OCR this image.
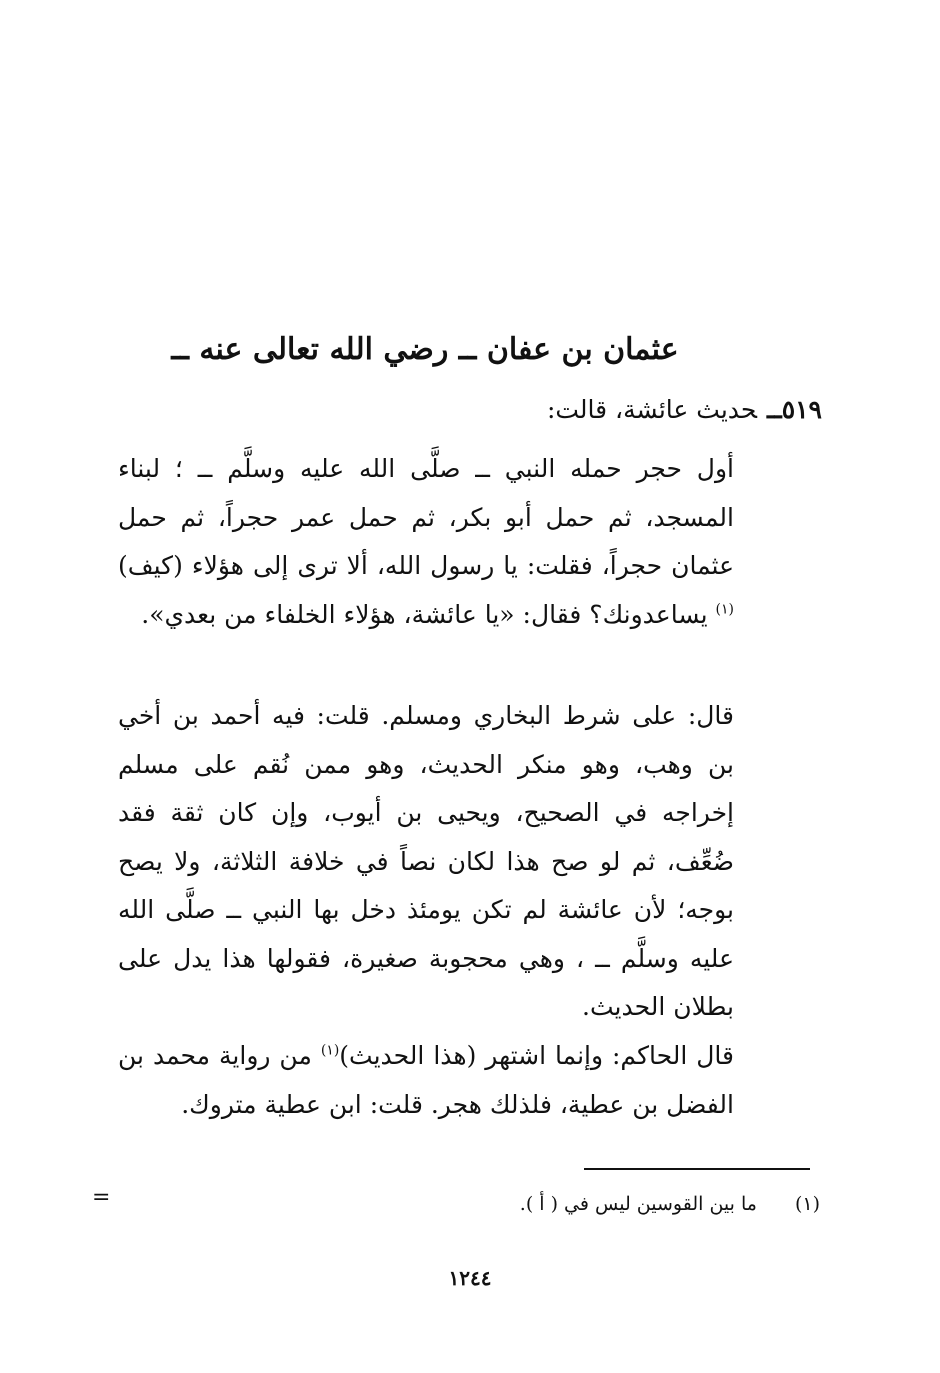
عثمان بن عفان ــ رضي الله تعالى عنه ــ
٥١٩ــحديث عائشة، قالت:
أول حجر حمله النبي ــ صلَّى الله عليه وسلَّم ــ ؛ لبناء المسجد، ثم حمل أبو بكر، ثم حمل عمر حجراً، ثم حمل عثمان حجراً، فقلت: يا رسول الله، ألا ترى إلى هؤلاء (كيف)$^{(١)}$ يساعدونك؟ فقال: «يا عائشة، هؤلاء الخلفاء من بعدي».
قال: على شرط البخاري ومسلم. قلت: فيه أحمد بن أخي بن وهب، وهو منكر الحديث، وهو ممن نُقم على مسلم إخراجه في الصحيح، ويحيى بن أيوب، وإن كان ثقة فقد ضُعِّف، ثم لو صح هذا لكان نصاً في خلافة الثلاثة، ولا يصح بوجه؛ لأن عائشة لم تكن يومئذ دخل بها النبي ــ صلَّى الله عليه وسلَّم ــ ، وهي محجوبة صغيرة، فقولها هذا يدل على بطلان الحديث.
قال الحاكم: وإنما اشتهر (هذا الحديث)$^{(١)}$ من رواية محمد بن الفضل بن عطية، فلذلك هجر. قلت: ابن عطية متروك.
(١)ما بين القوسين ليس في ( أ ).
=
١٢٤٤
